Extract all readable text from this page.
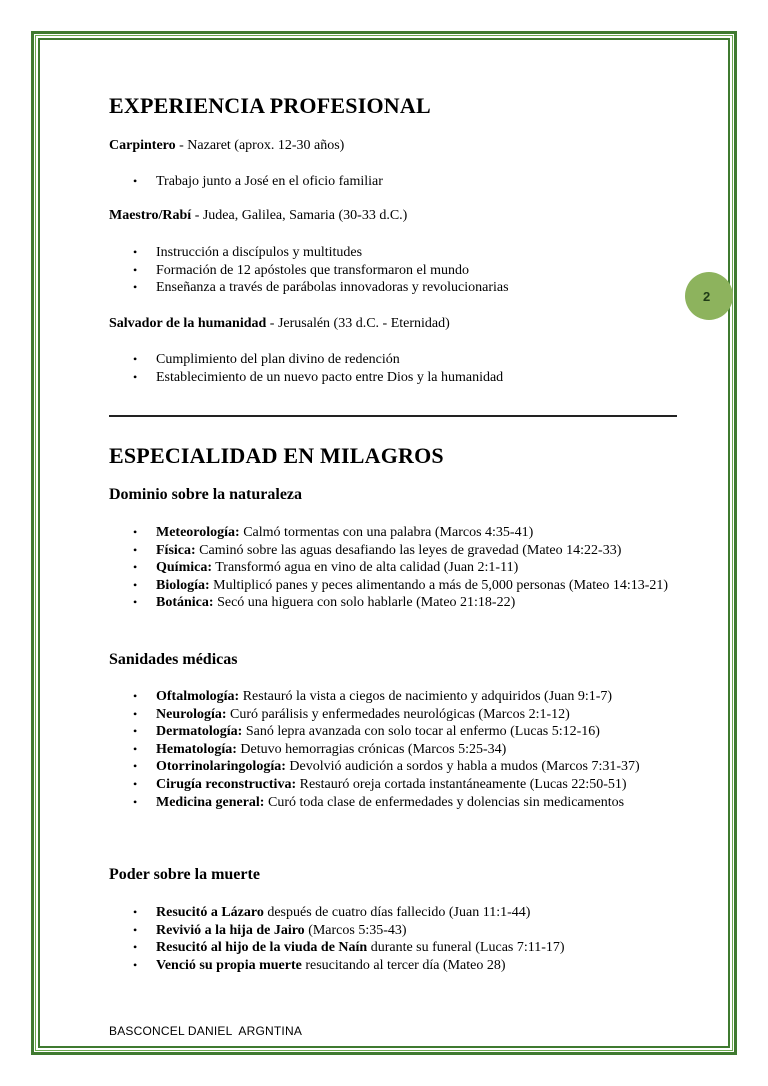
2
EXPERIENCIA PROFESIONAL
Carpintero - Nazaret (aprox. 12-30 años)
• Trabajo junto a José en el oficio familiar
Maestro/Rabí - Judea, Galilea, Samaria (30-33 d.C.)
• Instrucción a discípulos y multitudes
• Formación de 12 apóstoles que transformaron el mundo
• Enseñanza a través de parábolas innovadoras y revolucionarias
Salvador de la humanidad - Jerusalén (33 d.C. - Eternidad)
• Cumplimiento del plan divino de redención
• Establecimiento de un nuevo pacto entre Dios y la humanidad
ESPECIALIDAD EN MILAGROS
Dominio sobre la naturaleza
• Meteorología: Calmó tormentas con una palabra (Marcos 4:35-41)
• Física: Caminó sobre las aguas desafiando las leyes de gravedad (Mateo 14:22-33)
• Química: Transformó agua en vino de alta calidad (Juan 2:1-11)
• Biología: Multiplicó panes y peces alimentando a más de 5,000 personas (Mateo 14:13-21)
• Botánica: Secó una higuera con solo hablarle (Mateo 21:18-22)
Sanidades médicas
• Oftalmología: Restauró la vista a ciegos de nacimiento y adquiridos (Juan 9:1-7)
• Neurología: Curó parálisis y enfermedades neurológicas (Marcos 2:1-12)
• Dermatología: Sanó lepra avanzada con solo tocar al enfermo (Lucas 5:12-16)
• Hematología: Detuvo hemorragias crónicas (Marcos 5:25-34)
• Otorrinolaringología: Devolvió audición a sordos y habla a mudos (Marcos 7:31-37)
• Cirugía reconstructiva: Restauró oreja cortada instantáneamente (Lucas 22:50-51)
• Medicina general: Curó toda clase de enfermedades y dolencias sin medicamentos
Poder sobre la muerte
• Resucitó a Lázaro después de cuatro días fallecido (Juan 11:1-44)
• Revivió a la hija de Jairo (Marcos 5:35-43)
• Resucitó al hijo de la viuda de Naín durante su funeral (Lucas 7:11-17)
• Venció su propia muerte resucitando al tercer día (Mateo 28)
BASCONCEL DANIEL  ARGNTINA
